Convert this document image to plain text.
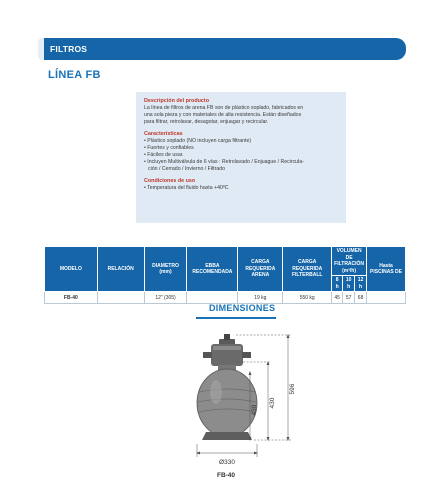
FILTROS
LÍNEA FB

Descripción del producto

La línea de filtros de arena FB son de plástico soplado, fabricados en

una sola pieza y con materiales de alta resistencia. Están diseñados

para filtrar, retrolavar, desagotar, enjuagar y recircular.

Características

• Plástico soplado (NO incluyen carga filtrante)

• Fuertes y confiables

• Fáciles de usar.

• Incluyen Multiválvula de 6 vías : Retrolavado / Enjuague / Recircula-

ción / Cerrado / Invierno / Filtrado

Condiciones de uso

• Temperatura del fluido hasta +40ºC

MODELO	RELACIÓN	DIAMETRO (mm)	EBBA RECOMENDADA	CARGA REQUERIDA ARENA	CARGA REQUERIDA FILTERBALL	VOLUMEN DE FILTRACIÓN (m³/h)			Hasta PISCINAS DE
						8 h	10 h	12 h	
FB-40		12" (305)		19 kg	550 kg	45	57	68	
DIMENSIONES
596
430
430
Ø330
FB-40
